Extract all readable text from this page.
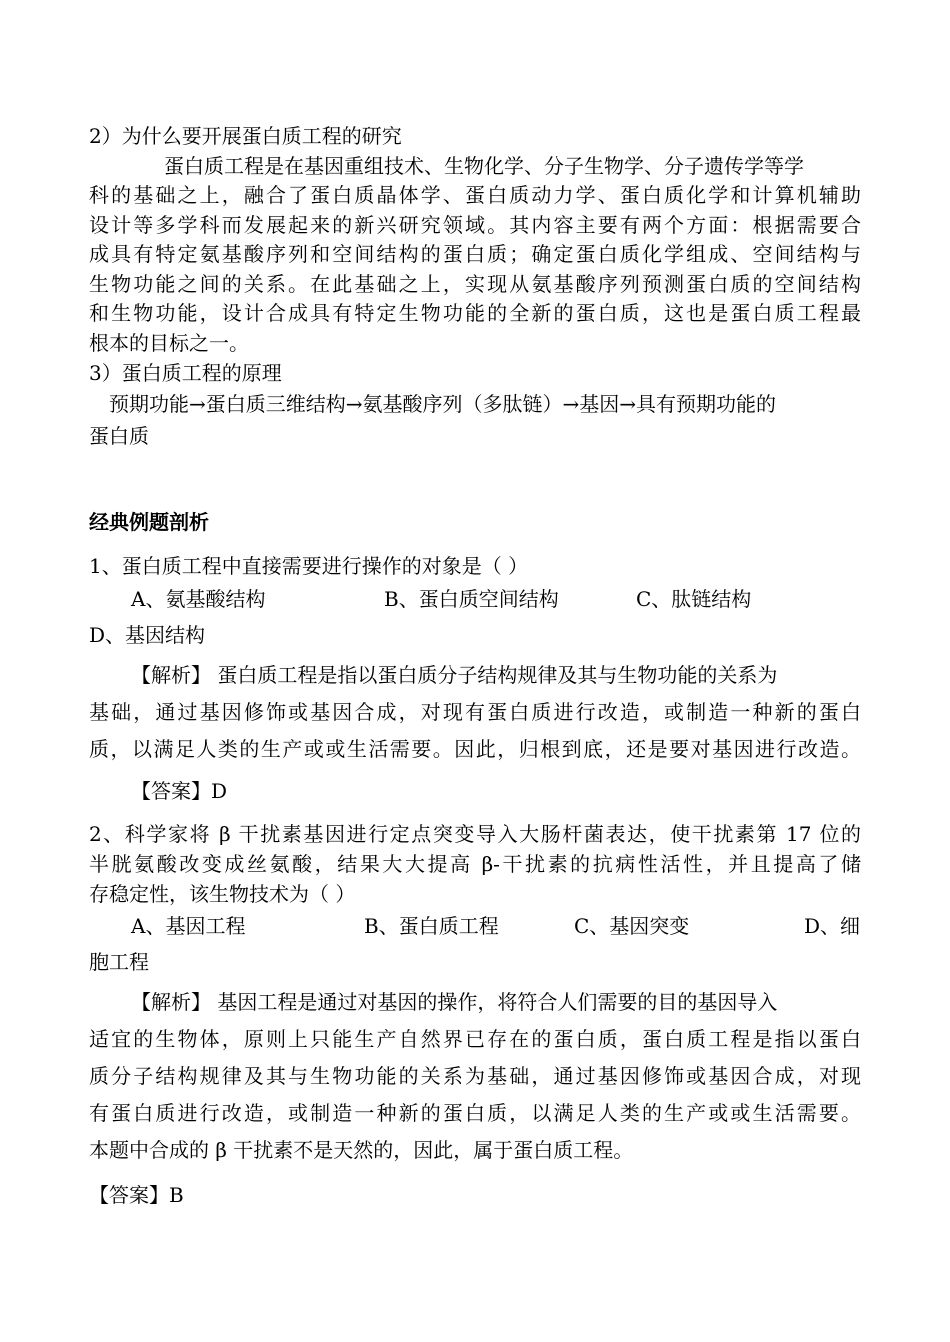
2）为什么要开展蛋白质工程的研究
蛋白质工程是在基因重组技术、生物化学、分子生物学、分子遗传学等学
科的基础之上，融合了蛋白质晶体学、蛋白质动力学、蛋白质化学和计算机辅助
设计等多学科而发展起来的新兴研究领域。其内容主要有两个方面：根据需要合
成具有特定氨基酸序列和空间结构的蛋白质；确定蛋白质化学组成、空间结构与
生物功能之间的关系。在此基础之上，实现从氨基酸序列预测蛋白质的空间结构
和生物功能，设计合成具有特定生物功能的全新的蛋白质，这也是蛋白质工程最
根本的目标之一。
3）蛋白质工程的原理
预期功能→蛋白质三维结构→氨基酸序列（多肽链）→基因→具有预期功能的
蛋白质
经典例题剖析
1、蛋白质工程中直接需要进行操作的对象是（ ）
A、氨基酸结构	B、蛋白质空间结构	C、肽链结构
D、基因结构
【解析】 蛋白质工程是指以蛋白质分子结构规律及其与生物功能的关系为
基础，通过基因修饰或基因合成，对现有蛋白质进行改造，或制造一种新的蛋白
质，以满足人类的生产或或生活需要。因此，归根到底，还是要对基因进行改造。
【答案】D
2、科学家将 β 干扰素基因进行定点突变导入大肠杆菌表达，使干扰素第 17 位的
半胱氨酸改变成丝氨酸，结果大大提高 β-干扰素的抗病性活性，并且提高了储
存稳定性，该生物技术为（ ）
A、基因工程	B、蛋白质工程	C、基因突变	D、细
胞工程
【解析】 基因工程是通过对基因的操作，将符合人们需要的目的基因导入
适宜的生物体，原则上只能生产自然界已存在的蛋白质，蛋白质工程是指以蛋白
质分子结构规律及其与生物功能的关系为基础，通过基因修饰或基因合成，对现
有蛋白质进行改造，或制造一种新的蛋白质，以满足人类的生产或或生活需要。
本题中合成的 β 干扰素不是天然的，因此，属于蛋白质工程。
【答案】B
